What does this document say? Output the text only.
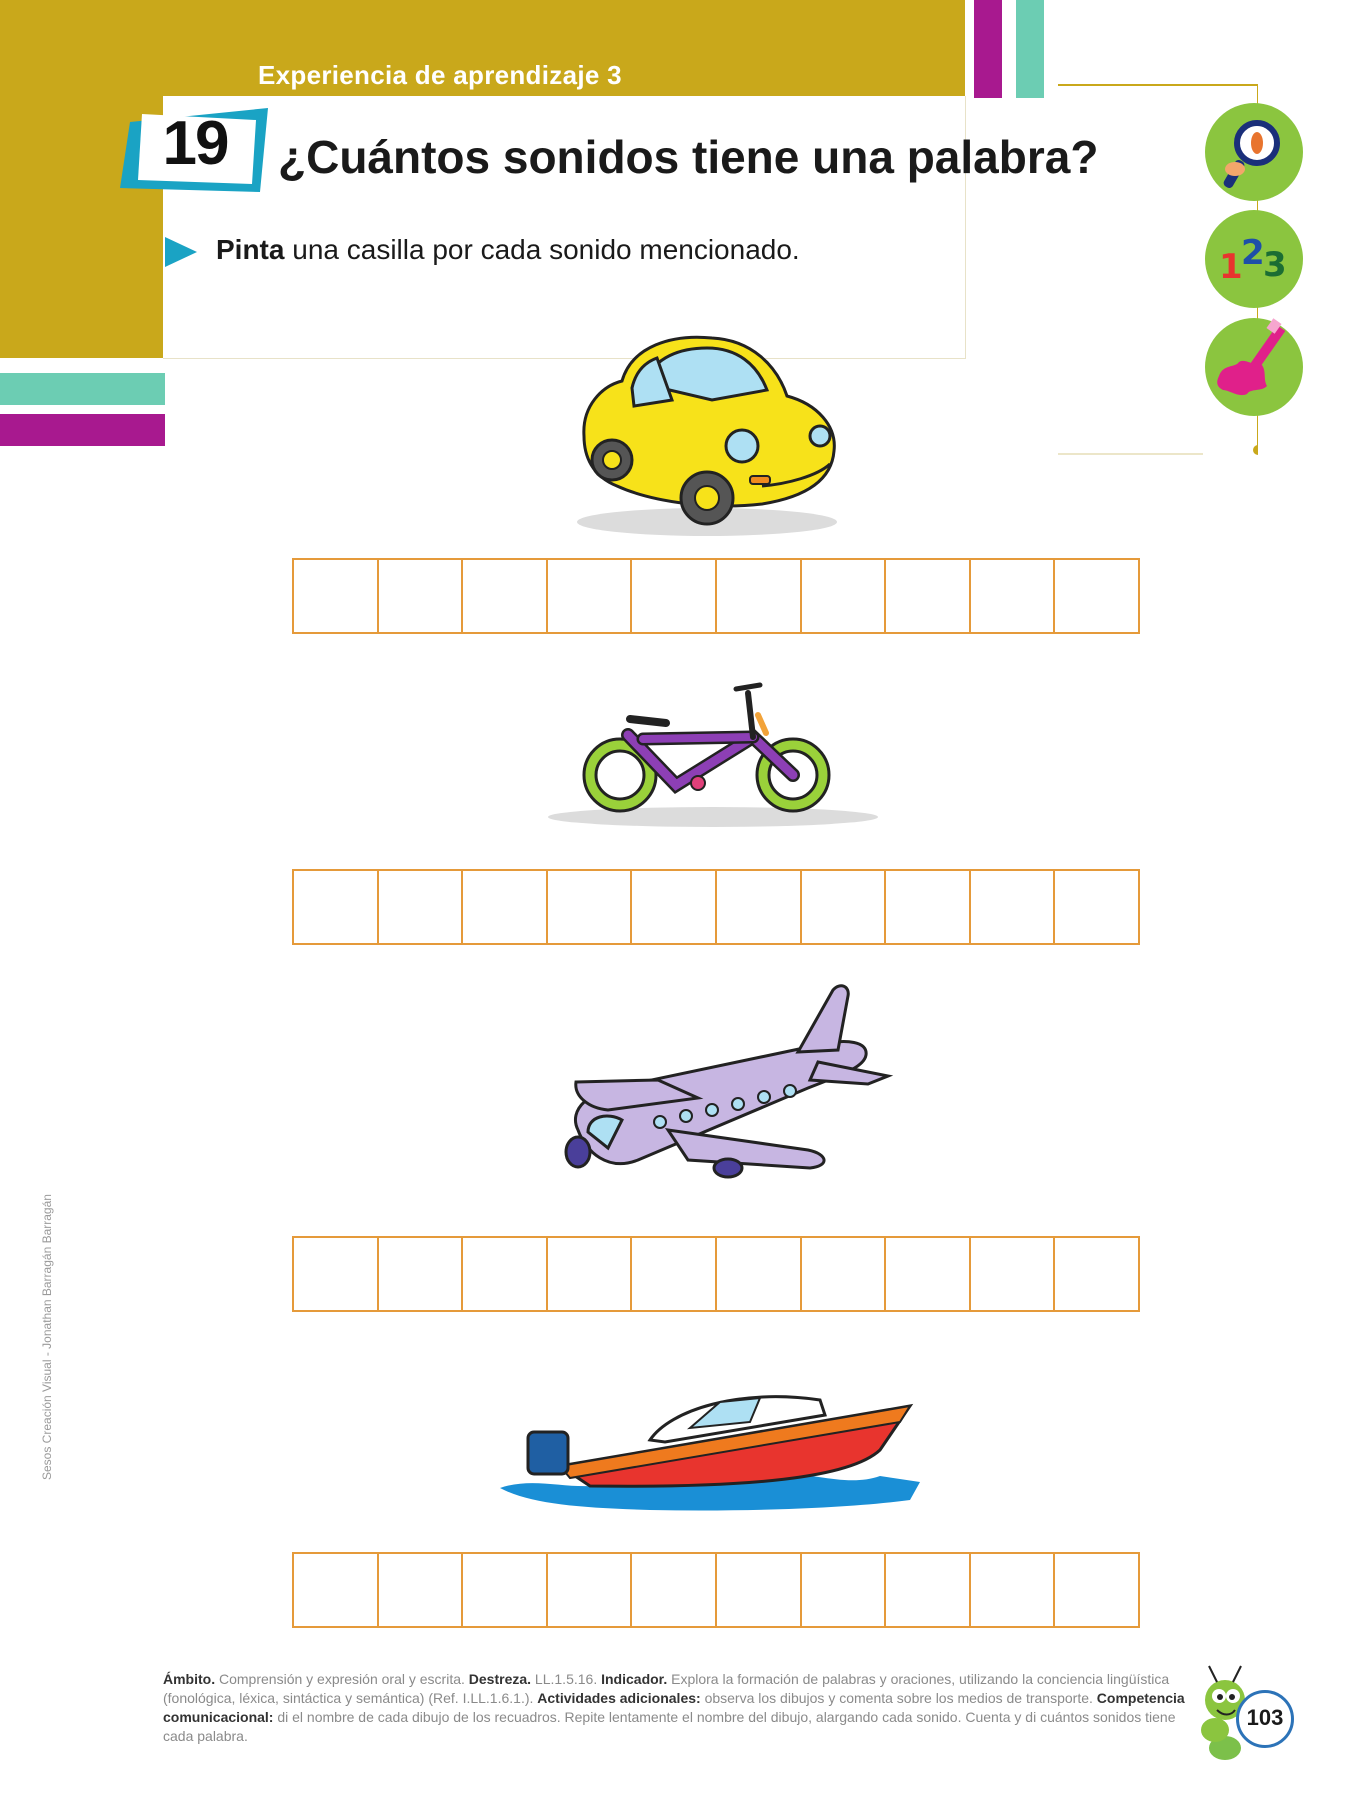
Experiencia de aprendizaje 3
19 ¿Cuántos sonidos tiene una palabra?
Pinta una casilla por cada sonido mencionado.	1
2
3
Sesos Creación Visual - Jonathan Barragán Barragán
Ámbito. Comprensión y expresión oral y escrita. Destreza. LL.1.5.16. Indicador. Explora la formación de palabras y oraciones, utilizando la conciencia lingüística (fonológica, léxica, sintáctica y semántica) (Ref. I.LL.1.6.1.). Actividades adicionales: observa los dibujos y comenta sobre los medios de transporte. Competencia comunicacional: di el nombre de cada dibujo de los recuadros. Repite lentamente el nombre del dibujo, alargando cada sonido. Cuenta y di cuántos sonidos tiene cada palabra.
103
